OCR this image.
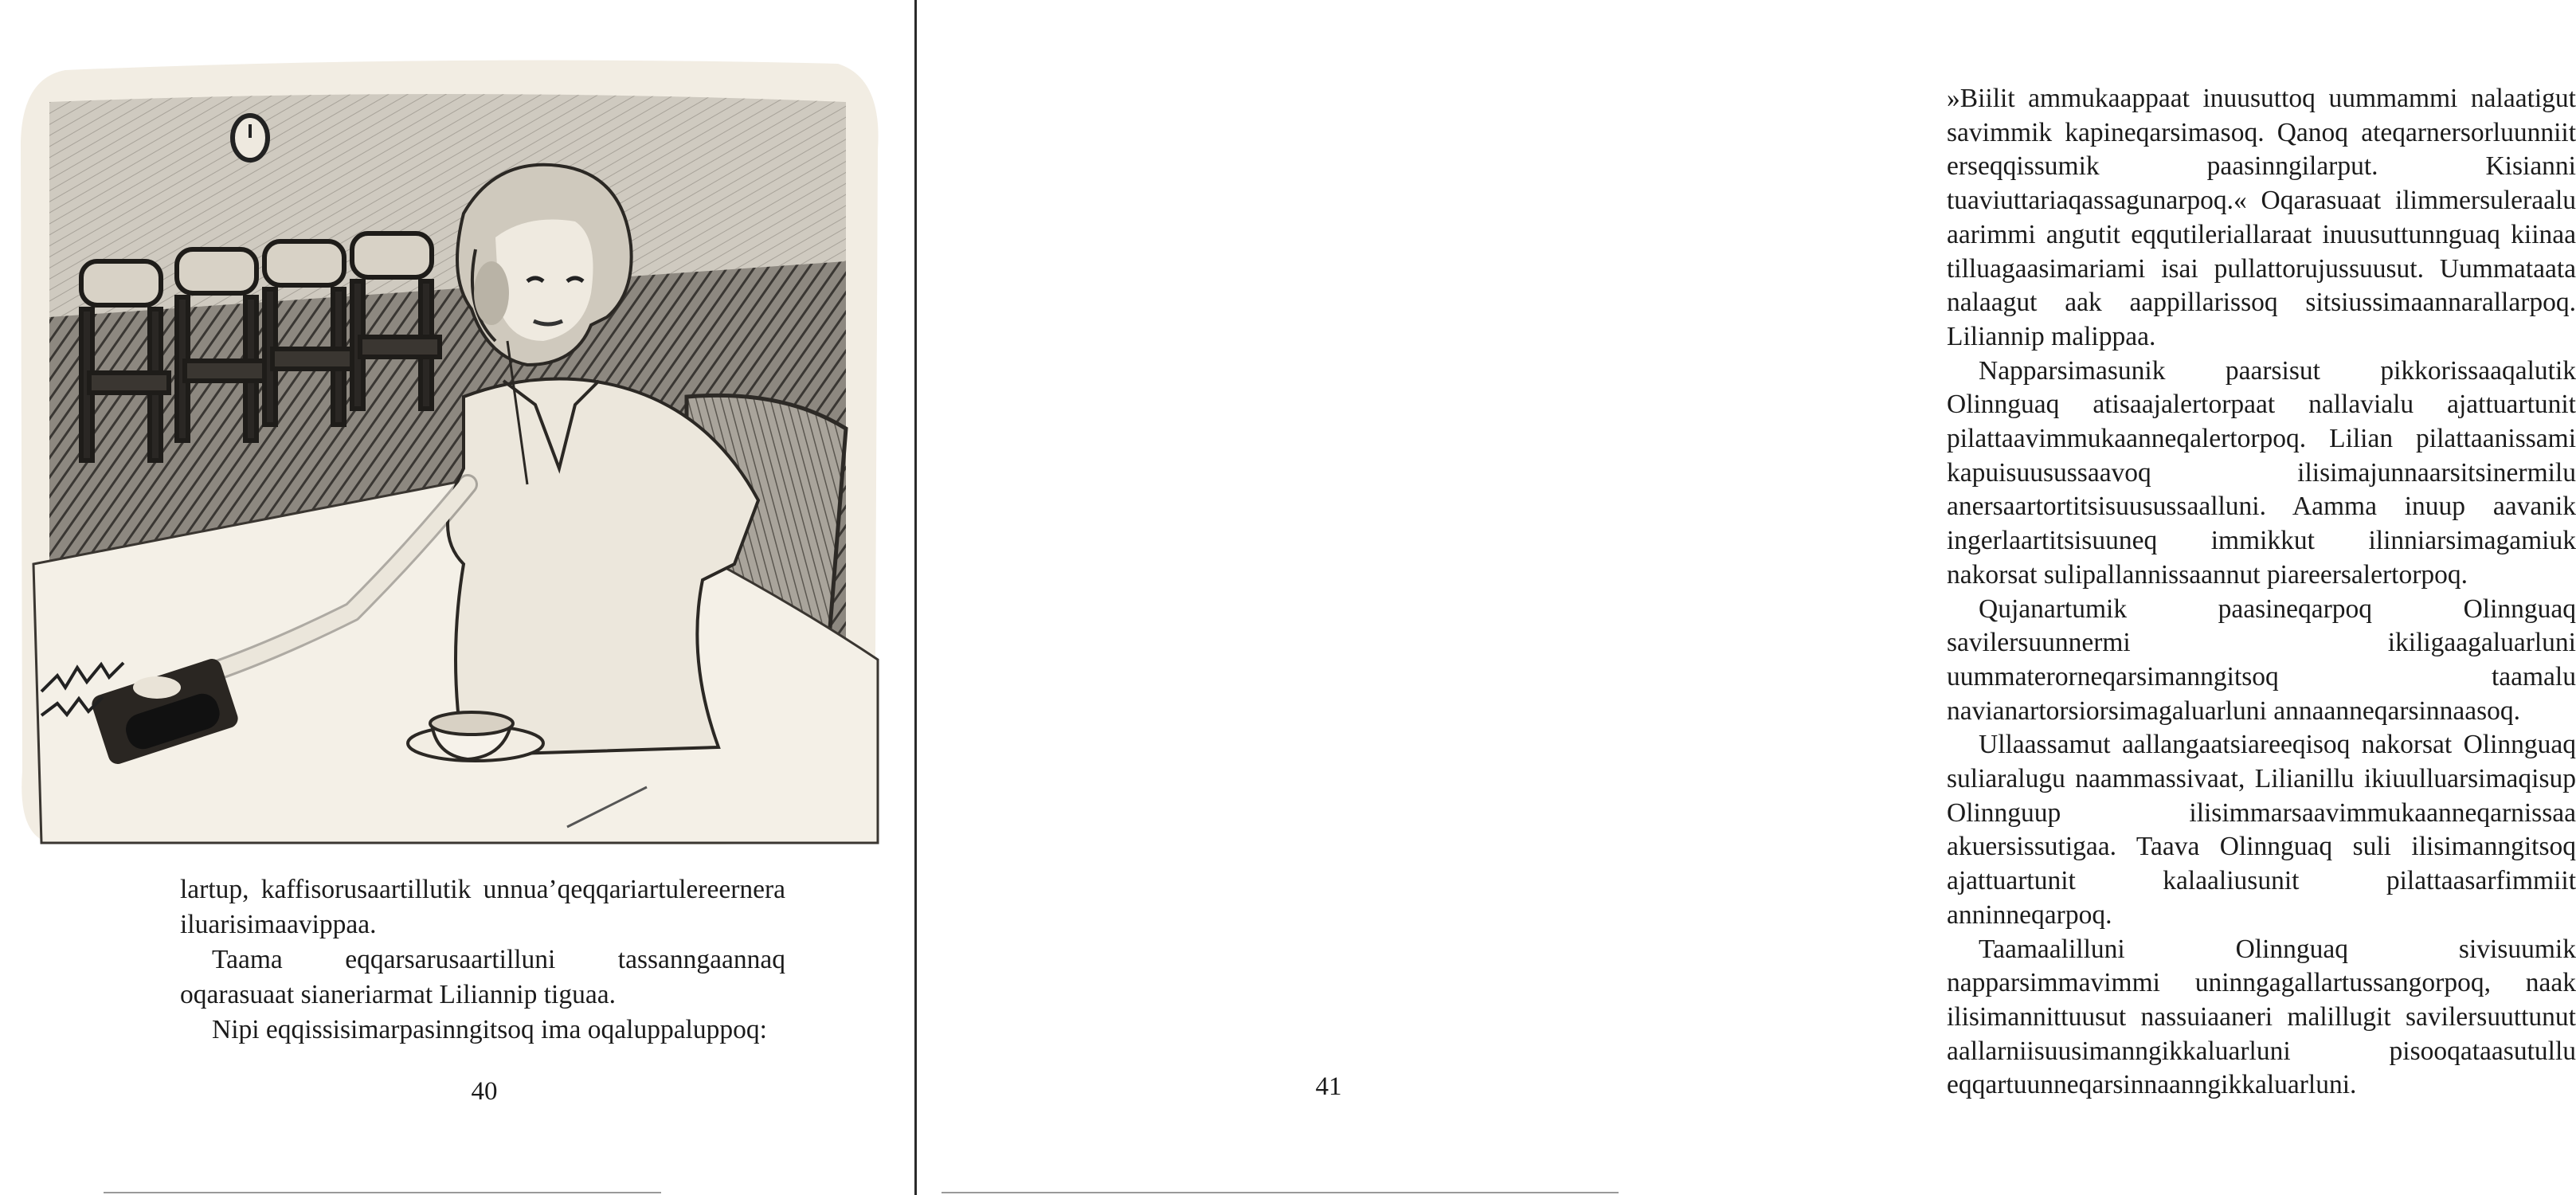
lartup, kaffisorusaartillutik unnua’qeqqariartulereernera iluarisimaavippaa.

Taama eqqarsarusaartilluni tassanngaannaq oqarasuaat sianeriarmat Liliannip tiguaa.

Nipi eqqissisimarpasinngitsoq ima oqaluppaluppoq:

40

»Biilit ammukaappaat inuusuttoq uummammi nalaatigut savimmik kapineqarsimasoq. Qanoq ateqarnersorluunniit erseqqissumik paasinngilarput. Kisianni tuaviuttariaqassagunarpoq.« Oqarasuaat ilimmersuleraalu aarimmi angutit eqqutileriallaraat inuusuttunnguaq kiinaa tilluagaasimariami isai pullattorujussuusut. Uummataata nalaagut aak aappillarissoq sitsiussimaannarallarpoq. Liliannip malippaa.

Napparsimasunik paarsisut pikkorissaaqalutik Olinnguaq atisaajalertorpaat nallavialu ajattuartunit pilattaavimmukaanneqalertorpoq. Lilian pilattaanissami kapuisuusussaavoq ilisimajunnaarsitsinermilu anersaartortitsisuusussaalluni. Aamma inuup aavanik ingerlaartitsisuuneq immikkut ilinniarsimagamiuk nakorsat sulipallannissaannut piareersalertorpoq.

Qujanartumik paasineqarpoq Olinnguaq savilersuunnermi ikiligaagaluarluni uummaterorneqarsimanngitsoq taamalu navianartorsiorsimagaluarluni annaanneqarsinnaasoq.

Ullaassamut aallangaatsiareeqisoq nakorsat Olinnguaq suliaralugu naammassivaat, Lilianillu ikiuulluarsimaqisup Olinnguup ilisimmarsaavimmukaanneqarnissaa akuersissutigaa. Taava Olinnguaq suli ilisimanngitsoq ajattuartunit kalaaliusunit pilattaasarfimmiit anninneqarpoq.

Taamaalilluni Olinnguaq sivisuumik napparsimmavimmi uninngagallartussangorpoq, naak ilisimannittuusut nassuiaaneri malillugit savilersuuttunut aallarniisuusimanngikkaluarluni pisooqataasutullu eqqartuunneqarsinnaanngikkaluarluni.

41
